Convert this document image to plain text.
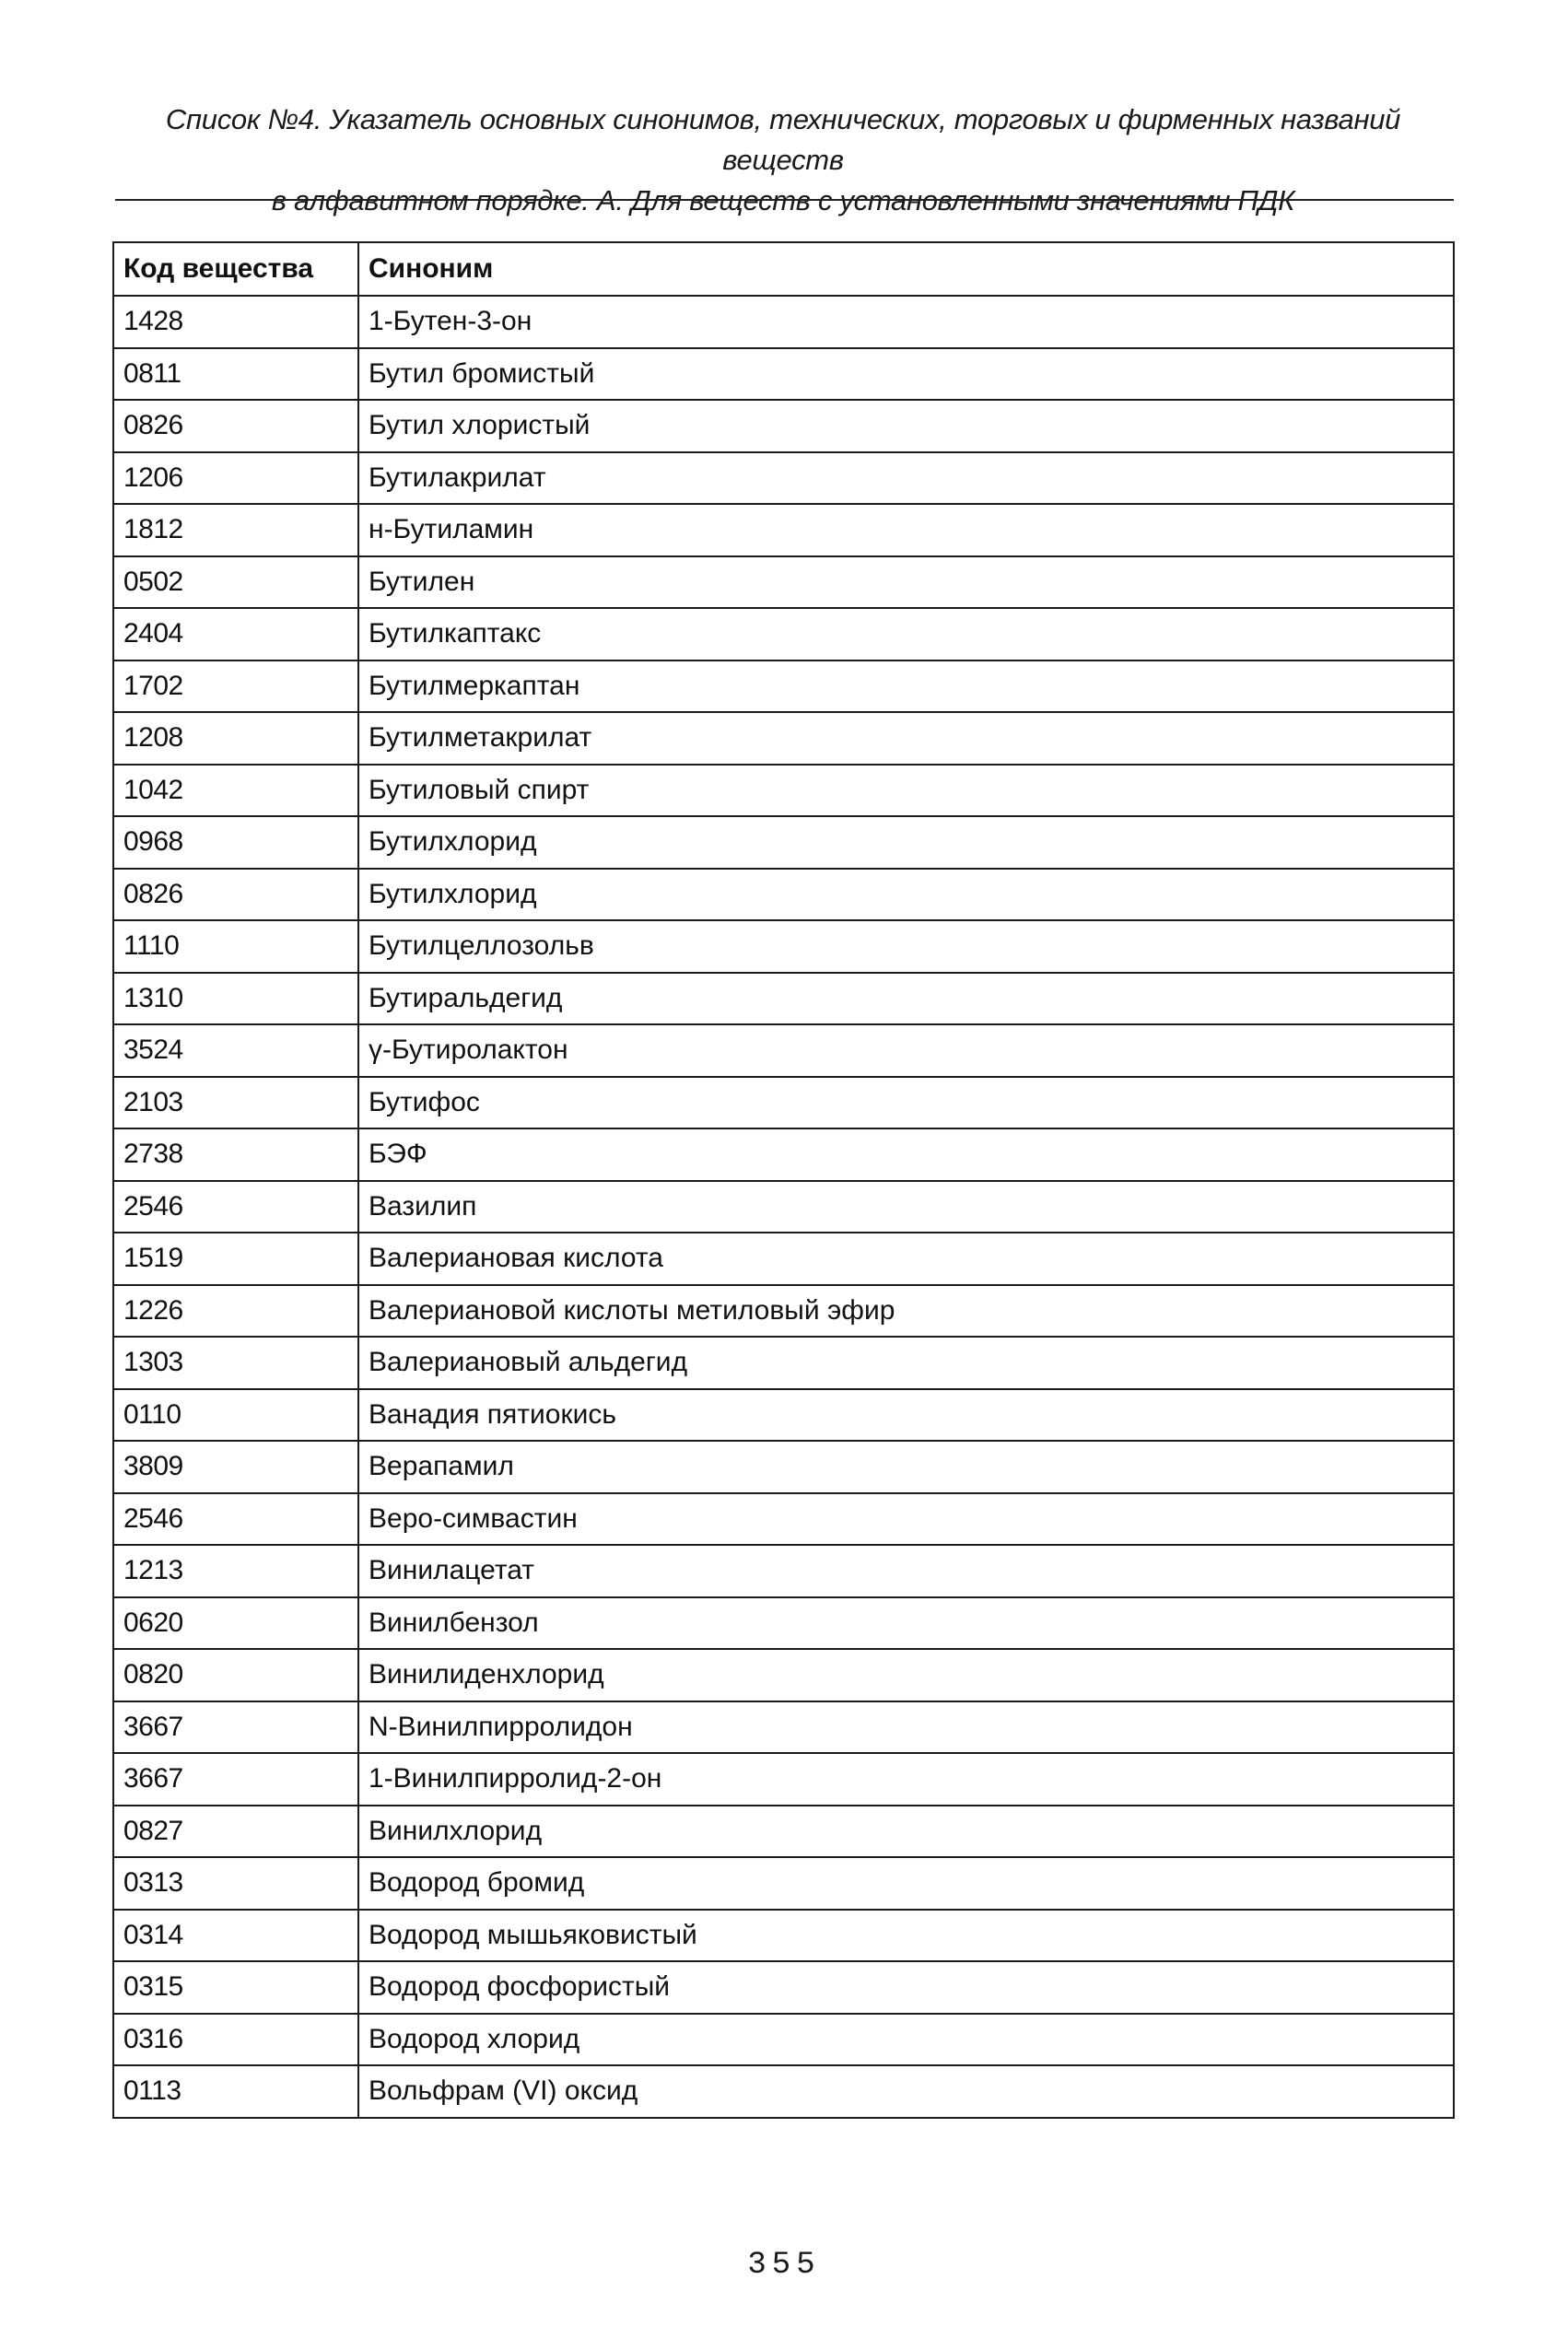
Список №4. Указатель основных синонимов, технических, торговых и фирменных названий веществ
в алфавитном порядке. А. Для веществ с установленными значениями ПДК
Код вещества	Синоним
1428	1-Бутен-3-он
0811	Бутил бромистый
0826	Бутил хлористый
1206	Бутилакрилат
1812	н-Бутиламин
0502	Бутилен
2404	Бутилкаптакс
1702	Бутилмеркаптан
1208	Бутилметакрилат
1042	Бутиловый спирт
0968	Бутилхлорид
0826	Бутилхлорид
1110	Бутилцеллозольв
1310	Бутиральдегид
3524	γ-Бутиролактон
2103	Бутифос
2738	БЭФ
2546	Вазилип
1519	Валериановая кислота
1226	Валериановой кислоты метиловый эфир
1303	Валериановый альдегид
0110	Ванадия пятиокись
3809	Верапамил
2546	Веро-симвастин
1213	Винилацетат
0620	Винилбензол
0820	Винилиденхлорид
3667	N-Винилпирролидон
3667	1-Винилпирролид-2-он
0827	Винилхлорид
0313	Водород бромид
0314	Водород мышьяковистый
0315	Водород фосфористый
0316	Водород хлорид
0113	Вольфрам (VI) оксид
355
